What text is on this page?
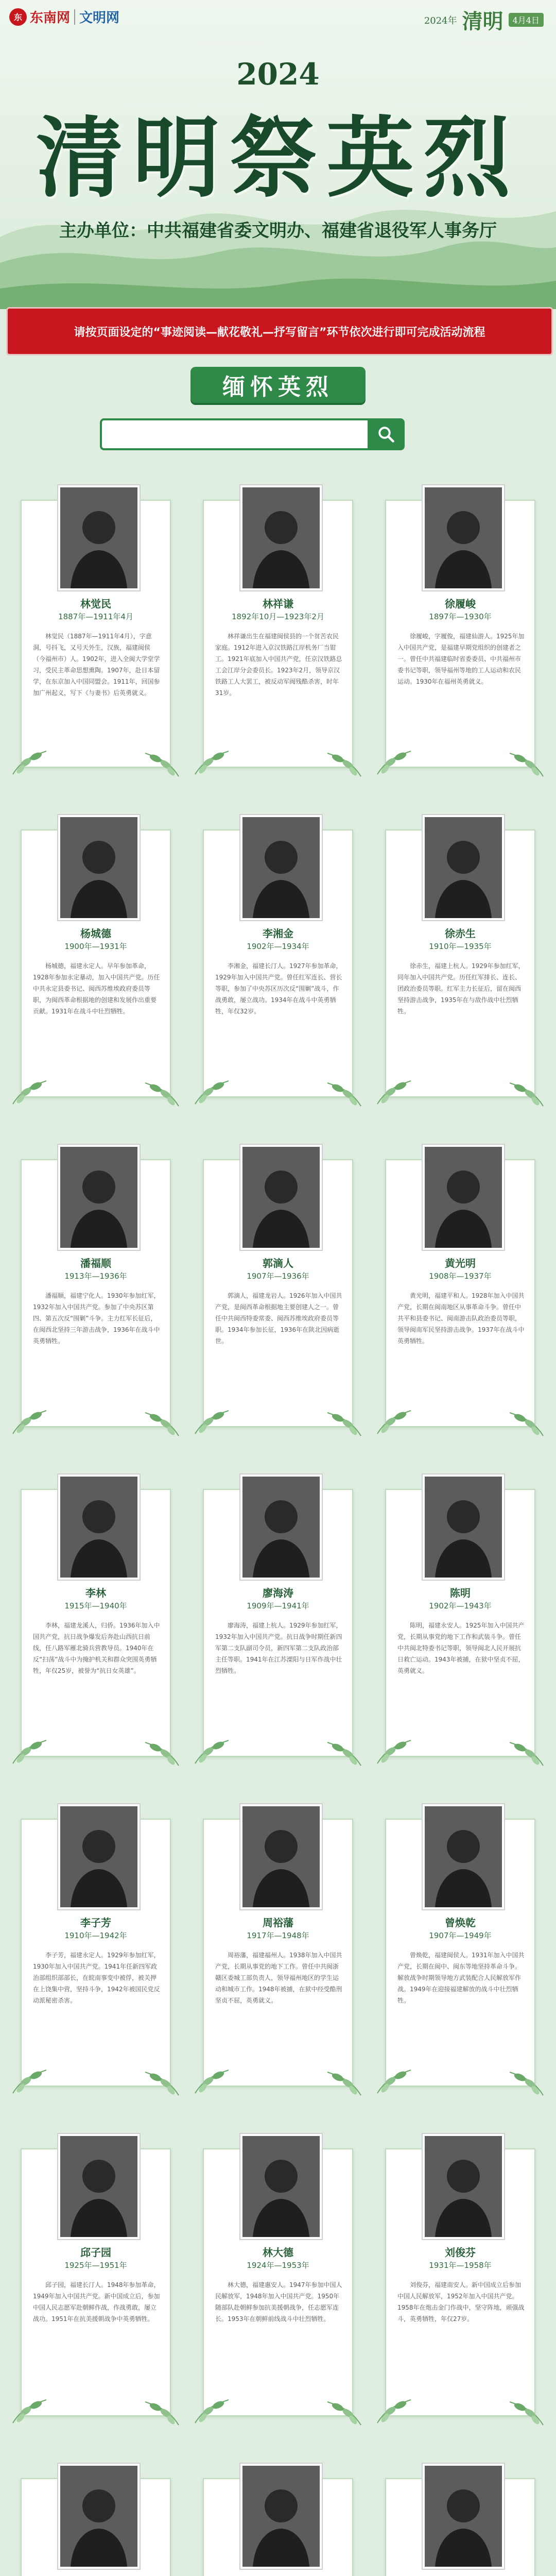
东 东南网 文明网	2024年 清明	4月4日
2024
清明祭英烈
主办单位：中共福建省委文明办、福建省退役军人事务厅
请按页面设定的“事迹阅读—献花敬礼—抒写留言”环节依次进行即可完成活动流程
缅怀英烈
林觉民
1887年—1911年4月
林觉民（1887年—1911年4月），字意洞，号抖飞，又号天外生，汉族，福建闽侯（今福州市）人。1902年，进入全闽大学堂学习，受民主革命思想熏陶。1907年，赴日本留学，在东京加入中国同盟会。1911年，回国参加广州起义，写下《与妻书》后英勇就义。
林祥谦
1892年10月—1923年2月
林祥谦出生在福建闽侯县的一个贫苦农民家庭。1912年进入京汉铁路江岸机务厂当钳工。1921年底加入中国共产党，任京汉铁路总工会江岸分会委员长。1923年2月，领导京汉铁路工人大罢工，被反动军阀残酷杀害，时年31岁。
徐履峻
1897年—1930年
徐履峻，字履俊，福建仙游人。1925年加入中国共产党，是福建早期党组织的创建者之一。曾任中共福建临时省委委员、中共福州市委书记等职，领导福州等地的工人运动和农民运动。1930年在福州英勇就义。
杨城德
1900年—1931年
杨城德，福建永定人。早年参加革命，1928年参加永定暴动，加入中国共产党。历任中共永定县委书记、闽西苏维埃政府委员等职，为闽西革命根据地的创建和发展作出重要贡献。1931年在战斗中壮烈牺牲。
李湘金
1902年—1934年
李湘金，福建长汀人。1927年参加革命，1929年加入中国共产党。曾任红军连长、营长等职，参加了中央苏区历次反“围剿”战斗，作战勇敢，屡立战功。1934年在战斗中英勇牺牲，年仅32岁。
徐赤生
1910年—1935年
徐赤生，福建上杭人。1929年参加红军，同年加入中国共产党。历任红军排长、连长、团政治委员等职。红军主力长征后，留在闽西坚持游击战争，1935年在与敌作战中壮烈牺牲。
潘福顺
1913年—1936年
潘福顺，福建宁化人。1930年参加红军，1932年加入中国共产党。参加了中央苏区第四、第五次反“围剿”斗争。主力红军长征后，在闽西北坚持三年游击战争，1936年在战斗中英勇牺牲。
郭滴人
1907年—1936年
郭滴人，福建龙岩人。1926年加入中国共产党，是闽西革命根据地主要创建人之一。曾任中共闽西特委常委、闽西苏维埃政府委员等职。1934年参加长征，1936年在陕北因病逝世。
黄光明
1908年—1937年
黄光明，福建平和人。1928年加入中国共产党，长期在闽南地区从事革命斗争。曾任中共平和县委书记、闽南游击队政治委员等职，领导闽南军民坚持游击战争。1937年在战斗中英勇牺牲。
李林
1915年—1940年
李林，福建龙溪人，归侨。1936年加入中国共产党，抗日战争爆发后奔赴山西抗日前线，任八路军雁北骑兵营教导员。1940年在反“扫荡”战斗中为掩护机关和群众突围英勇牺牲，年仅25岁，被誉为“抗日女英雄”。
廖海涛
1909年—1941年
廖海涛，福建上杭人。1929年参加红军，1932年加入中国共产党。抗日战争时期任新四军第二支队副司令员，新四军第二支队政治部主任等职。1941年在江苏溧阳与日军作战中壮烈牺牲。
陈明
1902年—1943年
陈明，福建永安人。1925年加入中国共产党，长期从事党的地下工作和武装斗争。曾任中共闽北特委书记等职，领导闽北人民开展抗日救亡运动。1943年被捕，在狱中坚贞不屈，英勇就义。
李子芳
1910年—1942年
李子芳，福建永定人。1929年参加红军，1930年加入中国共产党。1941年任新四军政治部组织部部长，在皖南事变中被俘，被关押在上饶集中营，坚持斗争，1942年被国民党反动派秘密杀害。
周裕藩
1917年—1948年
周裕藩，福建福州人。1938年加入中国共产党，长期从事党的地下工作。曾任中共闽浙赣区委城工部负责人，领导福州地区的学生运动和城市工作。1948年被捕，在狱中经受酷刑坚贞不屈，英勇就义。
曾焕乾
1907年—1949年
曾焕乾，福建闽侯人。1931年加入中国共产党，长期在闽中、闽东等地坚持革命斗争。解放战争时期领导地方武装配合人民解放军作战。1949年在迎接福建解放的战斗中壮烈牺牲。
邱子园
1925年—1951年
邱子园，福建长汀人。1948年参加革命，1949年加入中国共产党。新中国成立后，参加中国人民志愿军赴朝鲜作战，作战勇敢，屡立战功。1951年在抗美援朝战争中英勇牺牲。
林大德
1924年—1953年
林大德，福建惠安人。1947年参加中国人民解放军，1948年加入中国共产党。1950年随部队赴朝鲜参加抗美援朝战争，任志愿军连长。1953年在朝鲜前线战斗中壮烈牺牲。
刘俊芬
1931年—1958年
刘俊芬，福建南安人。新中国成立后参加中国人民解放军，1952年加入中国共产党。1958年在炮击金门作战中，坚守阵地，顽强战斗，英勇牺牲，年仅27岁。
